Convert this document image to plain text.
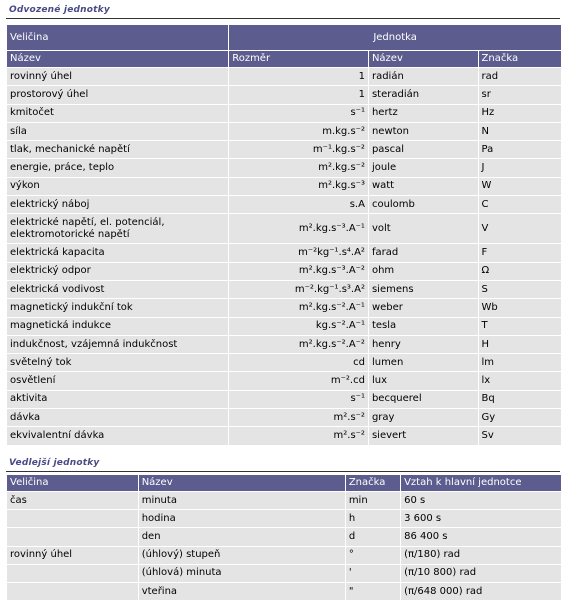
Odvozené jednotky
Veličina	Jednotka		
Název	Rozměr	Název	Značka
rovinný úhel	1	radián	rad
prostorový úhel	1	steradián	sr
kmitočet	s⁻¹	hertz	Hz
síla	m.kg.s⁻²	newton	N
tlak, mechanické napětí	m⁻¹.kg.s⁻²	pascal	Pa
energie, práce, teplo	m².kg.s⁻²	joule	J
výkon	m².kg.s⁻³	watt	W
elektrický náboj	s.A	coulomb	C
elektrické napětí, el. potenciál, elektromotorické napětí	m².kg.s⁻³.A⁻¹	volt	V
elektrická kapacita	m⁻²kg⁻¹.s⁴.A²	farad	F
elektrický odpor	m².kg.s⁻³.A⁻²	ohm	Ω
elektrická vodivost	m⁻².kg⁻¹.s³.A²	siemens	S
magnetický indukční tok	m².kg.s⁻².A⁻¹	weber	Wb
magnetická indukce	kg.s⁻².A⁻¹	tesla	T
indukčnost, vzájemná indukčnost	m².kg.s⁻².A⁻²	henry	H
světelný tok	cd	lumen	lm
osvětlení	m⁻².cd	lux	lx
aktivita	s⁻¹	becquerel	Bq
dávka	m².s⁻²	gray	Gy
ekvivalentní dávka	m².s⁻²	sievert	Sv
Vedlejší jednotky
Veličina	Název	Značka	Vztah k hlavní jednotce
čas	minuta	min	60 s
	hodina	h	3 600 s
	den	d	86 400 s
rovinný úhel	(úhlový) stupeň	°	(π/180) rad
	(úhlová) minuta	'	(π/10 800) rad
	vteřina	"	(π/648 000) rad
